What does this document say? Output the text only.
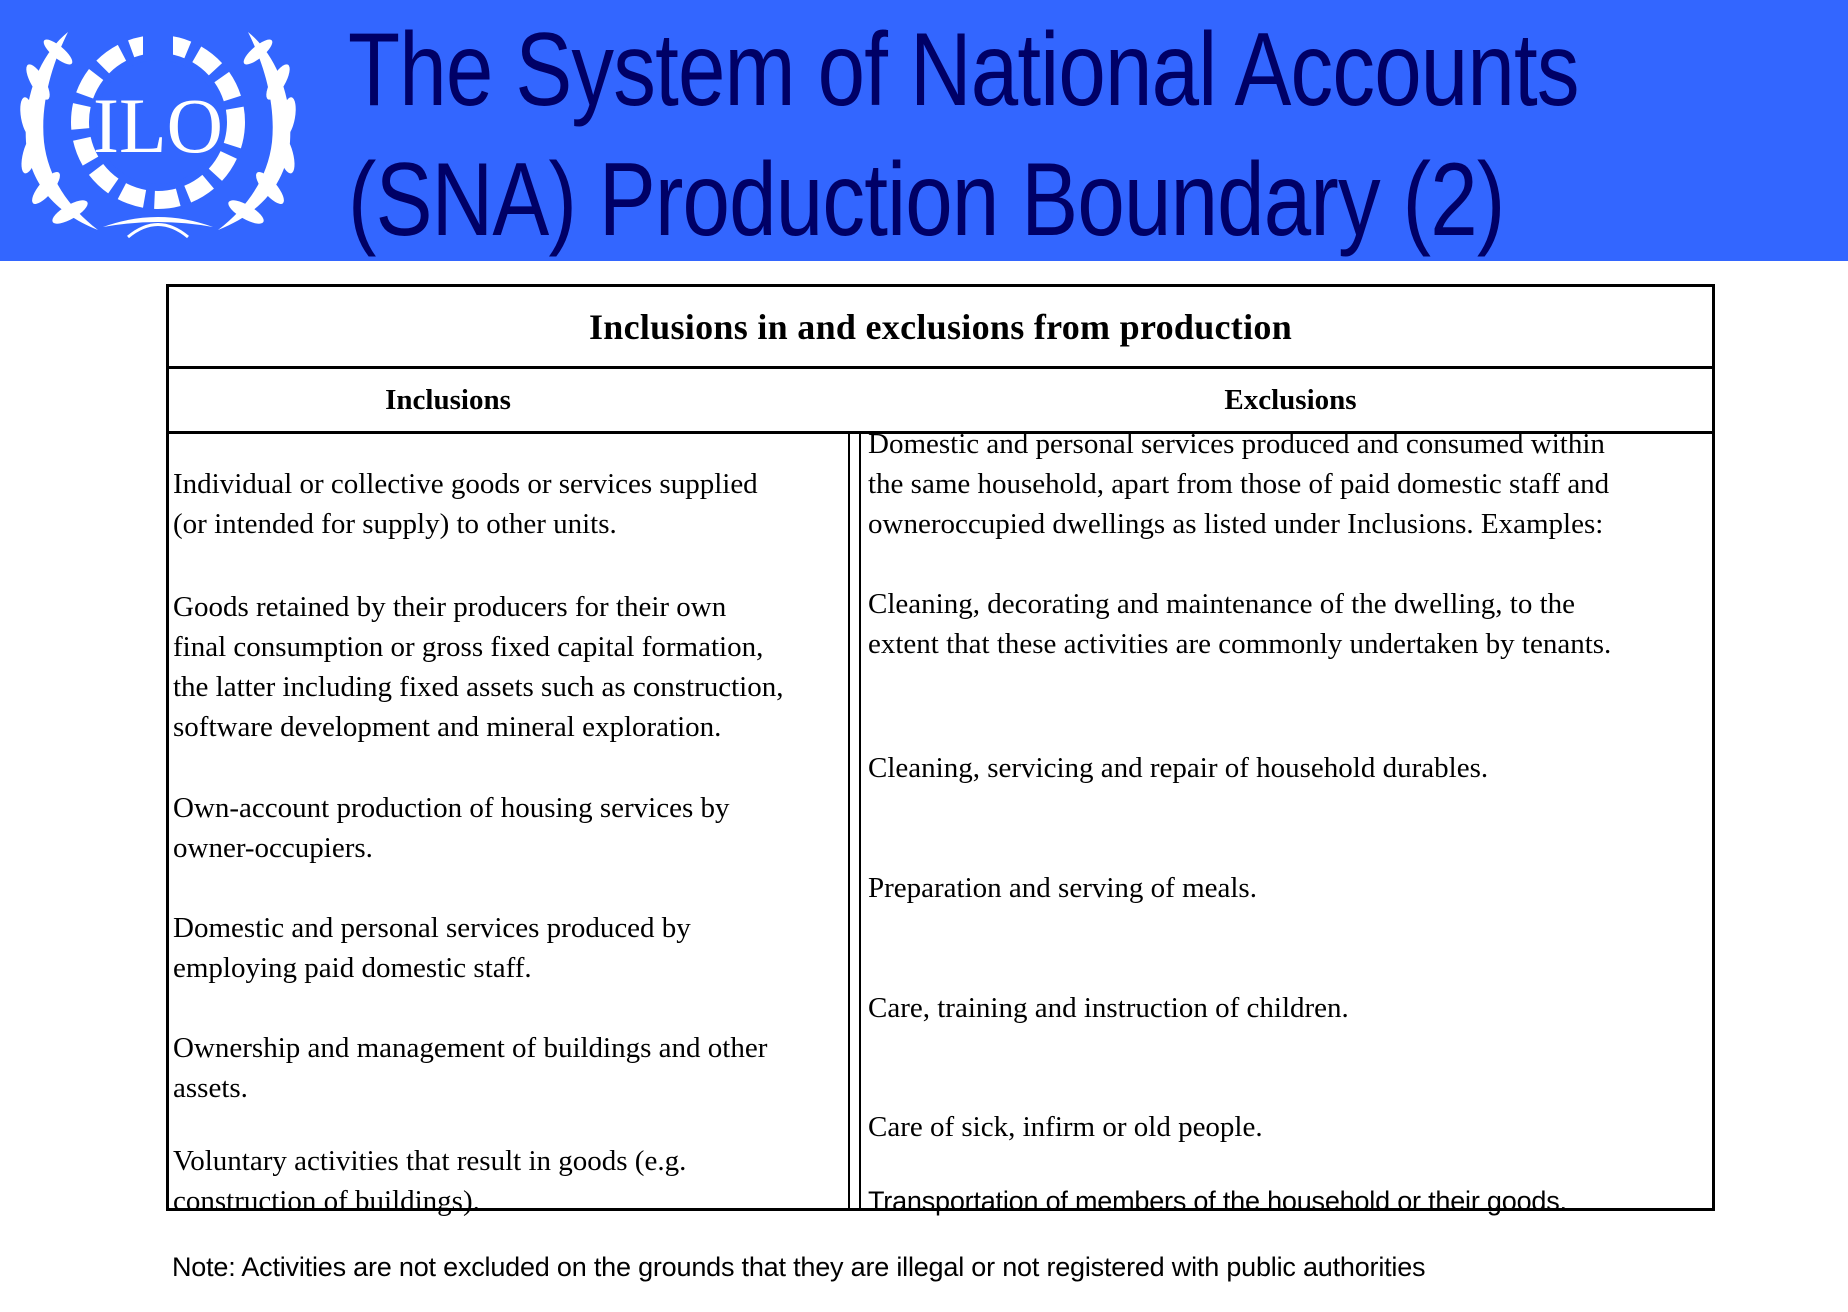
ILO The System of National Accounts
(SNA) Production Boundary (2)
Inclusions in and exclusions from production
Inclusions	Exclusions
Individual or collective goods or services supplied
(or intended for supply) to other units.
Goods retained by their producers for their own
final consumption or gross fixed capital formation,
the latter including fixed assets such as construction,
software development and mineral exploration.
Own-account production of housing services by
owner-occupiers.
Domestic and personal services produced by
employing paid domestic staff.
Ownership and management of buildings and other
assets.
Voluntary activities that result in goods (e.g.
construction of buildings).
Domestic and personal services produced and consumed within
the same household, apart from those of paid domestic staff and
owneroccupied dwellings as listed under Inclusions. Examples:
Cleaning, decorating and maintenance of the dwelling, to the
extent that these activities are commonly undertaken by tenants.
Cleaning, servicing and repair of household durables.
Preparation and serving of meals.
Care, training and instruction of children.
Care of sick, infirm or old people.
Transportation of members of the household or their goods.
Note: Activities are not excluded on the grounds that they are illegal or not registered with public authorities
